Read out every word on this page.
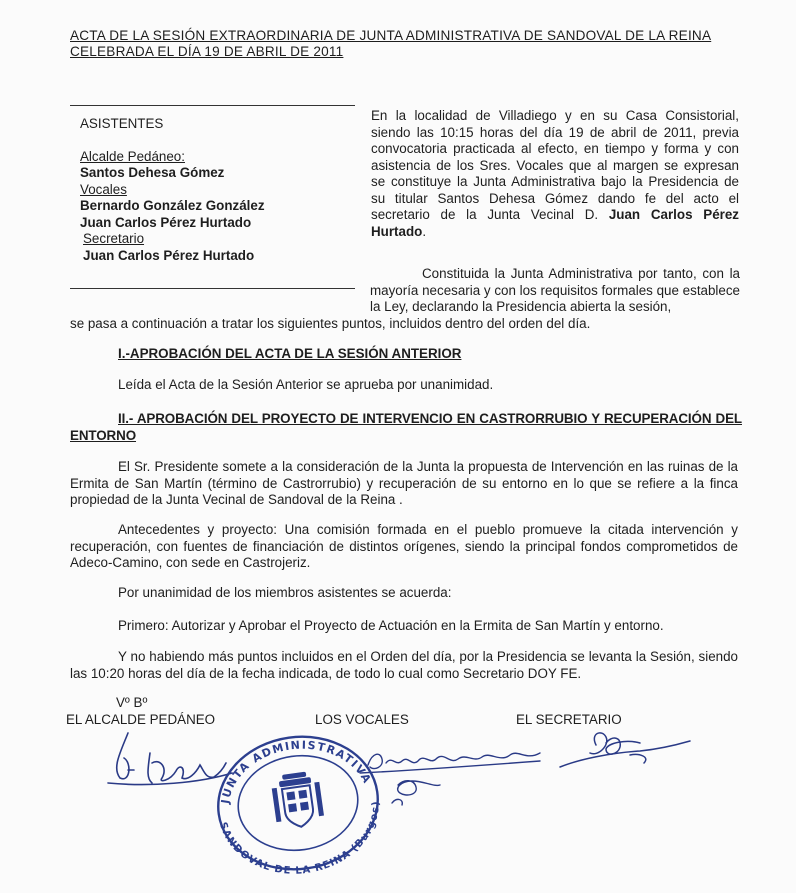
ACTA DE LA SESIÓN EXTRAORDINARIA DE JUNTA ADMINISTRATIVA DE SANDOVAL DE LA REINA
CELEBRADA EL DÍA 19 DE ABRIL DE 2011
ASISTENTES
Alcalde Pedáneo:
Santos Dehesa Gómez
Vocales
Bernardo González González
Juan Carlos Pérez Hurtado
Secretario
Juan Carlos Pérez Hurtado
En la localidad de Villadiego y en su Casa Consistorial, siendo las 10:15 horas del día 19 de abril de 2011, previa convocatoria practicada al efecto, en tiempo y forma y con asistencia de los Sres. Vocales que al margen se expresan se constituye la Junta Administrativa bajo la Presidencia de su titular Santos Dehesa Gómez dando fe del acto el secretario de la Junta Vecinal D. Juan Carlos Pérez Hurtado.
Constituida la Junta Administrativa por tanto, con la mayoría necesaria y con los requisitos formales que establece la Ley, declarando la Presidencia abierta la sesión,
se pasa a continuación a tratar los siguientes puntos, incluidos dentro del orden del día.
I.-APROBACIÓN DEL ACTA DE LA SESIÓN ANTERIOR
Leída el Acta de la Sesión Anterior se aprueba por unanimidad.
II.- APROBACIÓN DEL PROYECTO DE INTERVENCIO EN CASTRORRUBIO Y RECUPERACIÓN DEL ENTORNO
El Sr. Presidente somete a la consideración de la Junta la propuesta de Intervención en las ruinas de la Ermita de San Martín (término de Castrorrubio) y recuperación de su entorno en lo que se refiere a la finca propiedad de la Junta Vecinal de Sandoval de la Reina .
Antecedentes y proyecto: Una comisión formada en el pueblo promueve la citada intervención y recuperación, con fuentes de financiación de distintos orígenes, siendo la principal fondos comprometidos de Adeco-Camino, con sede en Castrojeriz.
Por unanimidad de los miembros asistentes se acuerda:
Primero: Autorizar y Aprobar el Proyecto de Actuación en la Ermita de San Martín y entorno.
Y no habiendo más puntos incluidos en el Orden del día, por la Presidencia se levanta la Sesión, siendo las 10:20 horas del día de la fecha indicada, de todo lo cual como Secretario DOY FE.
Vº Bº
EL ALCALDE PEDÁNEO	LOS VOCALES	EL SECRETARIO
JUNTA ADMINISTRATIVA
SANDOVAL DE LA REINA (Burgos)
